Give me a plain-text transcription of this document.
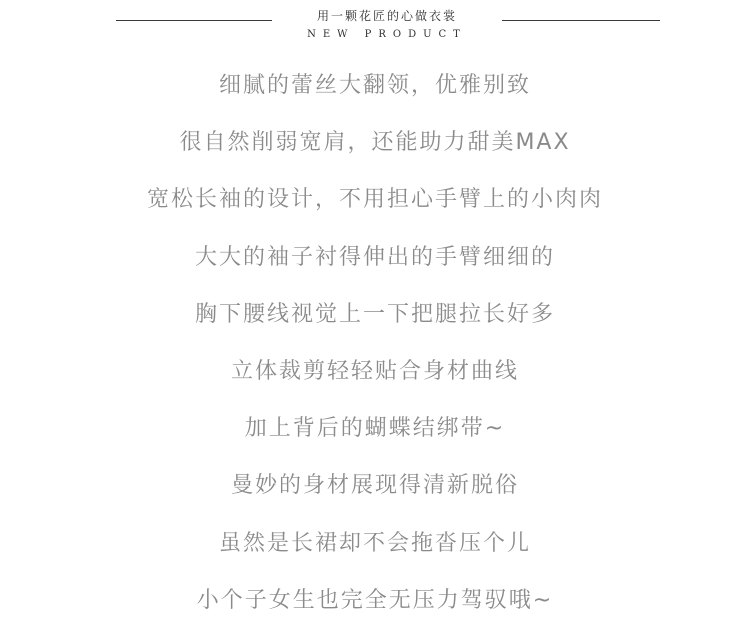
用一颗花匠的心做衣裳
NEW PRODUCT
细腻的蕾丝大翻领，优雅别致
很自然削弱宽肩，还能助力甜美MAX
宽松长袖的设计，不用担心手臂上的小肉肉
大大的袖子衬得伸出的手臂细细的
胸下腰线视觉上一下把腿拉长好多
立体裁剪轻轻贴合身材曲线
加上背后的蝴蝶结绑带~
曼妙的身材展现得清新脱俗
虽然是长裙却不会拖沓压个儿
小个子女生也完全无压力驾驭哦~
